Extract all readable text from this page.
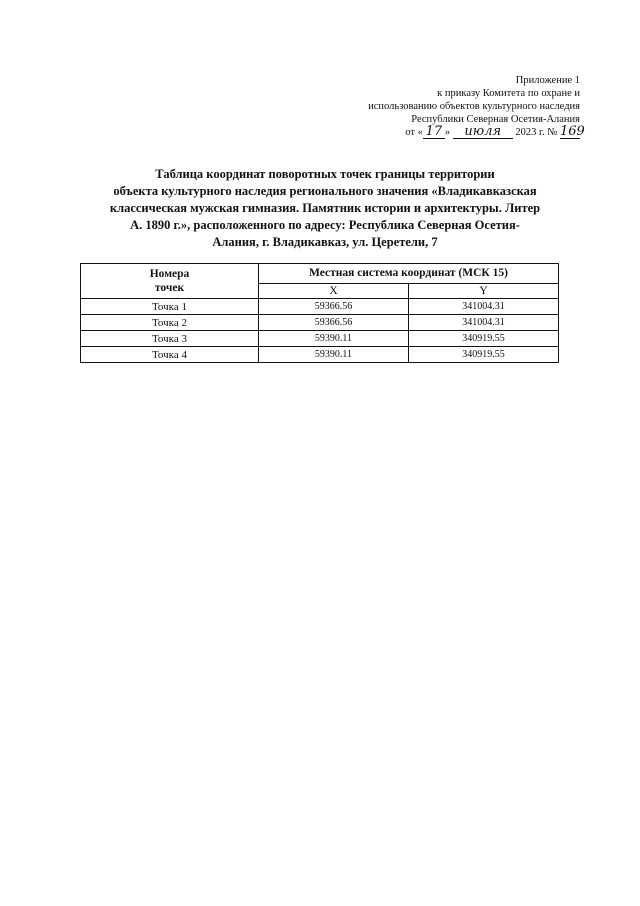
Приложение 1
к приказу Комитета по охране и
использованию объектов культурного наследия
Республики Северная Осетия-Алания
от « 17 » июля 2023 г. № 169
Таблица координат поворотных точек границы территории
объекта культурного наследия регионального значения «Владикавказская
классическая мужская гимназия. Памятник истории и архитектуры. Литер
А. 1890 г.», расположенного по адресу: Республика Северная Осетия-
Алания, г. Владикавказ, ул. Церетели, 7
Номера
точек	Местная система координат (МСК 15)	
	X	Y
Точка 1	59366.56	341004.31
Точка 2	59366.56	341004.31
Точка 3	59390.11	340919.55
Точка 4	59390.11	340919.55
